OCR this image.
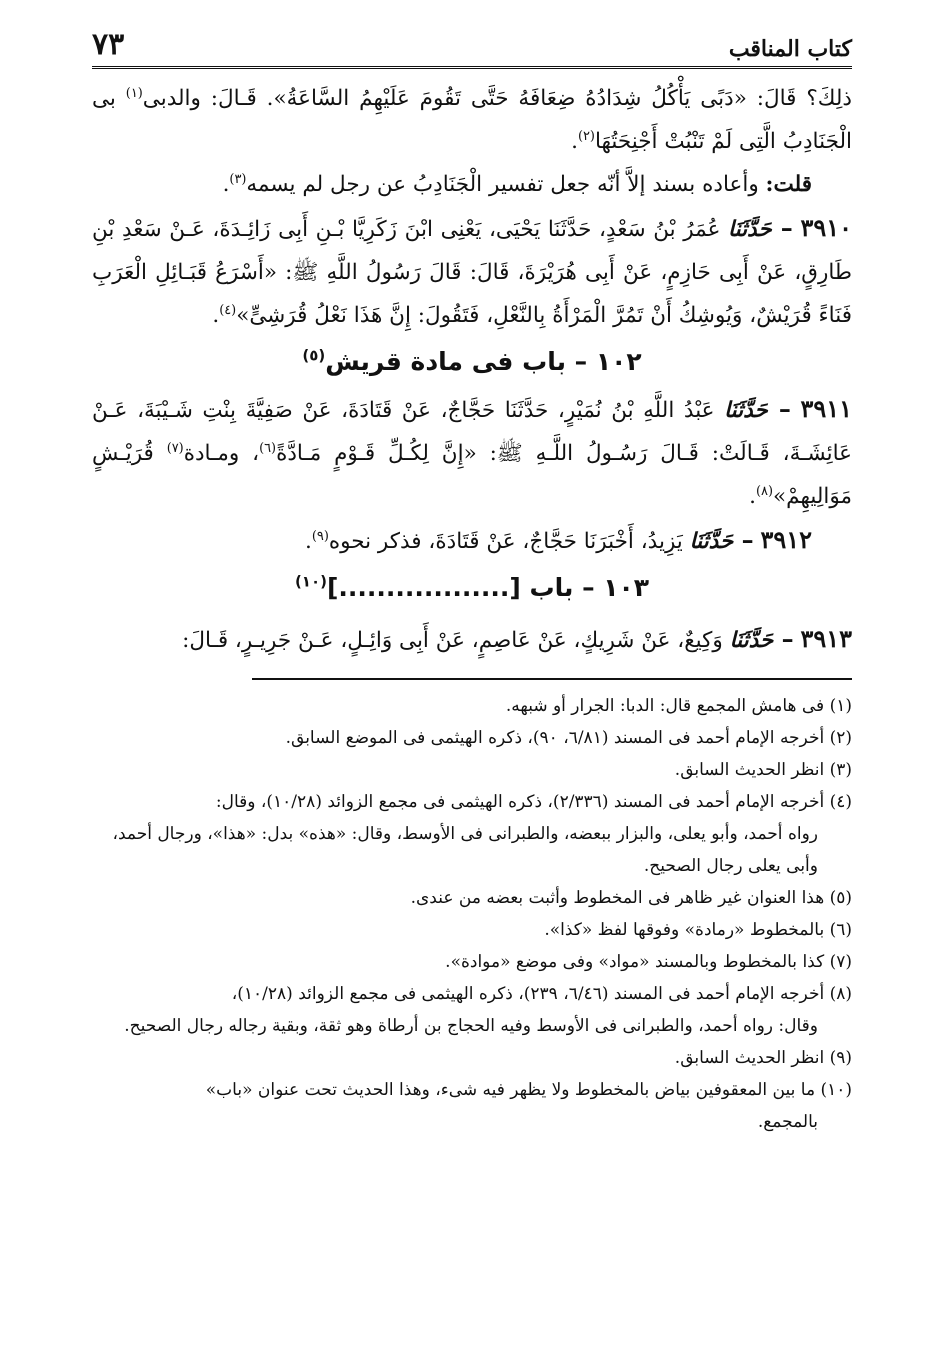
كتاب المناقب
٧٣

ذلِكَ؟ قَالَ: «دَبًى يَأْكُلُ شِدَادُهُ ضِعَافَهُ حَتَّى تَقُومَ عَلَيْهِمُ السَّاعَةُ». قَـالَ: والدبى$^{(١)}$ بى الْجَنَادِبُ الَّتِى لَمْ تَنْبُتْ أَجْنِحَتُهَا$^{(٢)}$.

قلت: وأعاده بسند إلاَّ أنّه جعل تفسير الْجَنَادِبُ عن رجل لم يسمه$^{(٣)}$.

٣٩١٠ – حَدَّثَنَا عُمَرُ بْنُ سَعْدٍ، حَدَّثَنَا يَحْيَى، يَعْنِى ابْنَ زَكَرِيَّا بْـنِ أَبِى زَائِـدَةَ، عَـنْ سَعْدِ بْنِ طَارِقٍ، عَنْ أَبِى حَازِمٍ، عَنْ أَبِى هُرَيْرَةَ، قَالَ: قَالَ رَسُولُ اللَّهِ ﷺ: «أَسْرَعُ قَبَـائِلِ الْعَرَبِ فَنَاءً قُرَيْشٌ، وَيُوشِكُ أَنْ تَمُرَّ الْمَرْأَةُ بِالنَّعْلِ، فَتَقُولَ: إِنَّ هَذَا نَعْلُ قُرَشِىٍّ»$^{(٤)}$.

١٠٢ – باب فى مادة قريش$^{(٥)}$

٣٩١١ – حَدَّثَنَا عَبْدُ اللَّهِ بْنُ نُمَيْرٍ، حَدَّثَنَا حَجَّاجٌ، عَنْ قَتَادَةَ، عَنْ صَفِيَّةَ بِنْتِ شَـيْبَةَ، عَـنْ عَائِشَـةَ، قَـالَتْ: قَـالَ رَسُـولُ اللَّـهِ ﷺ: «إِنَّ لِكُـلِّ قَـوْمٍ مَـادَّةً$^{(٦)}$، ومـادة$^{(٧)}$ قُرَيْـشٍ مَوَالِيهِمْ»$^{(٨)}$.

٣٩١٢ – حَدَّثَنَا يَزِيدُ، أَخْبَرَنَا حَجَّاجٌ، عَنْ قَتَادَةَ، فذكر نحوه$^{(٩)}$.

١٠٣ – باب [..................]$^{(١٠)}$

٣٩١٣ – حَدَّثَنَا وَكِيعٌ، عَنْ شَرِيكٍ، عَنْ عَاصِمٍ، عَنْ أَبِى وَائِـلٍ، عَـنْ جَرِيـرٍ، قَـالَ:

(١) فى هامش المجمع قال: الدبا: الجرار أو شبهه.

(٢) أخرجه الإمام أحمد فى المسند (٦/٨١، ٩٠)، ذكره الهيثمى فى الموضع السابق.

(٣) انظر الحديث السابق.

(٤) أخرجه الإمام أحمد فى المسند (٢/٣٣٦)، ذكره الهيثمى فى مجمع الزوائد (١٠/٢٨)، وقال:
رواه أحمد، وأبو يعلى، والبزار ببعضه، والطبرانى فى الأوسط، وقال: «هذه» بدل: «هذا»، ورجال أحمد، وأبى يعلى رجال الصحيح.

(٥) هذا العنوان غير ظاهر فى المخطوط وأثبت بعضه من عندى.

(٦) بالمخطوط «رمادة» وفوقها لفظ «كذا».

(٧) كذا بالمخطوط وبالمسند «مواد» وفى موضع «موادة».

(٨) أخرجه الإمام أحمد فى المسند (٦/٤٦، ٢٣٩)، ذكره الهيثمى فى مجمع الزوائد (١٠/٢٨)،
وقال: رواه أحمد، والطبرانى فى الأوسط وفيه الحجاج بن أرطاة وهو ثقة، وبقية رجاله رجال الصحيح.

(٩) انظر الحديث السابق.

(١٠) ما بين المعقوفين بياض بالمخطوط ولا يظهر فيه شىء، وهذا الحديث تحت عنوان «باب»
بالمجمع.
